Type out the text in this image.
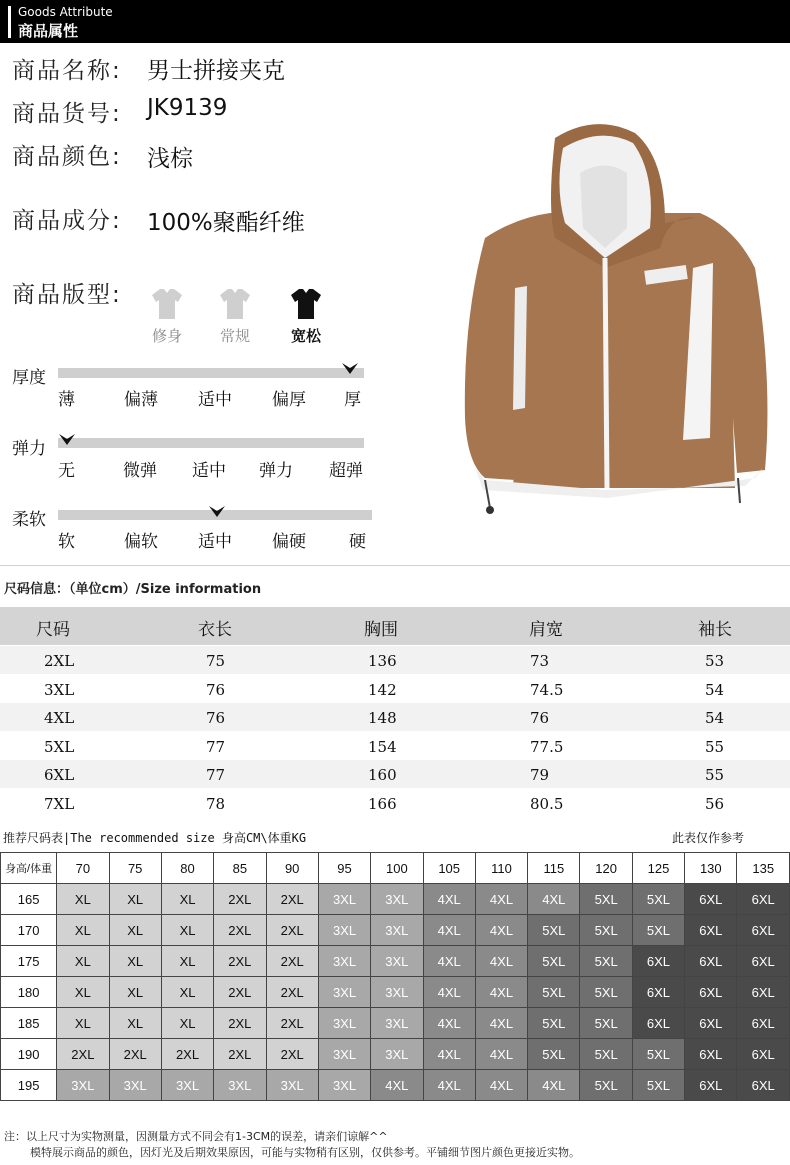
Goods Attribute
商品属性
商品名称: 男士拼接夹克
商品货号: JK9139
商品颜色: 浅棕
商品成分: 100%聚酯纤维
商品版型:
修身	常规	宽松
厚度
薄	偏薄 适中 偏厚 厚
弹力
无	微弹 适中 弹力 超弹
柔软
软	偏软 适中 偏硬	硬
尺码信息：（单位cm）/Size information
尺码	衣长	胸围	肩宽	袖长
2XL	75	136	73	53
3XL	76	142	74.5	54
4XL	76	148	76	54
5XL	77	154	77.5	55
6XL	77	160	79	55
7XL	78	166	80.5	56
推荐尺码表|The recommended size 身高CM\体重KG	此表仅作参考
身高/体重	70	75	80	85	90	95	100	105	110	115	120	125	130	135
165	XL	XL	XL	2XL	2XL	3XL	3XL	4XL	4XL	4XL	5XL	5XL	6XL	6XL
170	XL	XL	XL	2XL	2XL	3XL	3XL	4XL	4XL	5XL	5XL	5XL	6XL	6XL
175	XL	XL	XL	2XL	2XL	3XL	3XL	4XL	4XL	5XL	5XL	6XL	6XL	6XL
180	XL	XL	XL	2XL	2XL	3XL	3XL	4XL	4XL	5XL	5XL	6XL	6XL	6XL
185	XL	XL	XL	2XL	2XL	3XL	3XL	4XL	4XL	5XL	5XL	6XL	6XL	6XL
190	2XL	2XL	2XL	2XL	2XL	3XL	3XL	4XL	4XL	5XL	5XL	5XL	6XL	6XL
195	3XL	3XL	3XL	3XL	3XL	3XL	4XL	4XL	4XL	4XL	5XL	5XL	6XL	6XL
注：以上尺寸为实物测量，因测量方式不同会有1-3CM的误差，请亲们谅解^^
模特展示商品的颜色，因灯光及后期效果原因，可能与实物稍有区别，仅供参考。平铺细节图片颜色更接近实物。
